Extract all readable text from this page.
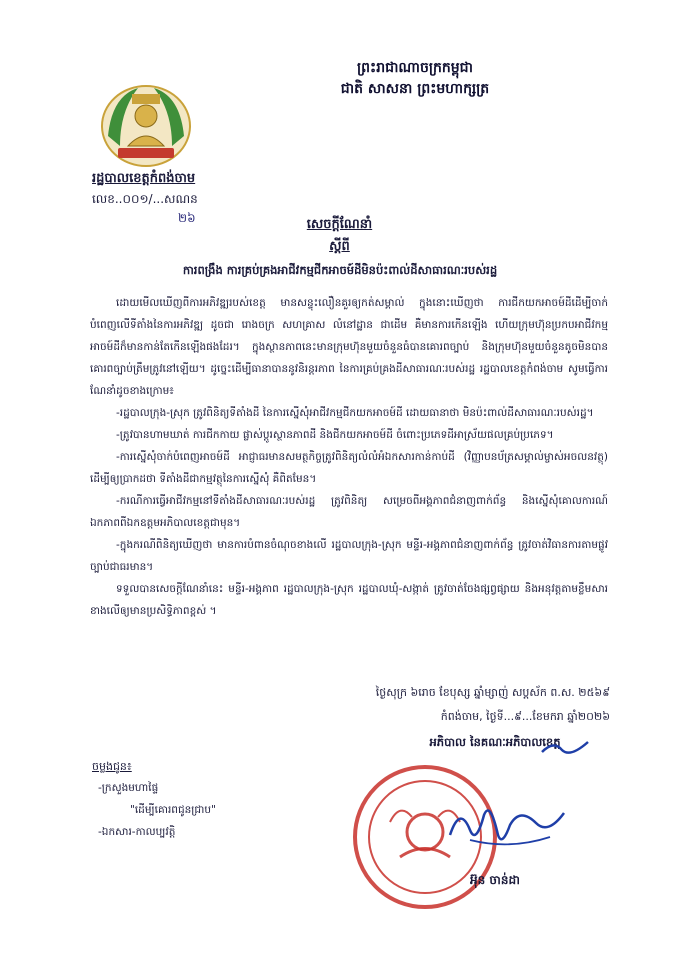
ព្រះរាជាណាចក្រកម្ពុជា
ជាតិ សាសនា ព្រះមហាក្សត្រ
រដ្ឋបាលខេត្តកំពង់ចាម
លេខ..០០១/...សណន
២៦	សេចក្តីណែនាំ
ស្តីពី
ការពង្រឹង ការគ្រប់គ្រងអាជីវកម្មជីកអាចម៍ដីមិនប៉ះពាល់ដីសាធារណៈរបស់រដ្ឋ

ដោយមើលឃើញពីការអភិវឌ្ឍរបស់ខេត្ត មានសន្ទុះលឿនគួរឲ្យកត់សម្គាល់ ក្នុងនោះឃើញថា ការជីកយកអាចម៍ដីដើម្បីចាក់បំពេញលើទីតាំងនៃការអភិវឌ្ឍ ដូចជា រោងចក្រ សហគ្រាស លំនៅដ្ឋាន ជាដើម គឺមានការកើនឡើង ហើយក្រុមហ៊ុនប្រកបអាជីវកម្មអាចម៍ដីក៏មានកាន់តែកើនឡើងផងដែរ។ ក្នុងស្ថានភាពនេះមានក្រុមហ៊ុនមួយចំនួនធំបានគោរពច្បាប់ និងក្រុមហ៊ុនមួយចំនួនតូចមិនបានគោរពច្បាប់ត្រឹមត្រូវនៅឡើយ។ ដូច្នេះដើម្បីធានាបាននូវនិរន្តរភាព នៃការគ្រប់គ្រងដីសាធារណៈរបស់រដ្ឋ រដ្ឋបាលខេត្តកំពង់ចាម សូមធ្វើការណែនាំដូចខាងក្រោម៖

-រដ្ឋបាលក្រុង-ស្រុក ត្រូវពិនិត្យទីតាំងដី នៃការស្នើសុំអាជីវកម្មជីកយកអាចម៍ដី ដោយធានាថា មិនប៉ះពាល់ដីសាធារណៈរបស់រដ្ឋ។

-ត្រូវបានហាមឃាត់ ការជីកកាយ ផ្លាស់ប្តូរស្ថានភាពដី និងជីកយកអាចម៍ដី ចំពោះប្រភេទដីអាស្រ័យផលគ្រប់ប្រភេទ។

-ការស្នើសុំចាក់បំពេញអាចម៍ដី អាជ្ញាធរមានសមត្ថកិច្ចត្រូវពិនិត្យលំលំអំឯកសារកាន់កាប់ដី (វិញ្ញាបនប័ត្រសម្គាល់ម្ចាស់អចលនវត្ថុ) ដើម្បីឲ្យប្រាកដថា ទីតាំងដីជាកម្មវត្ថុនៃការស្នើសុំ គឺពិតមែន។

-ករណីការធ្វើអាជីវកម្មនៅទីតាំងដីសាធារណៈរបស់រដ្ឋ ត្រូវពិនិត្យ សម្រេចពីអង្គភាពជំនាញពាក់ព័ន្ធ និងស្នើសុំគោលការណ៍ឯកភាពពីឯកឧត្តមអភិបាលខេត្តជាមុន។

-ក្នុងករណីពិនិត្យឃើញថា មានការបំពានចំណុចខាងលើ រដ្ឋបាលក្រុង-ស្រុក មន្ទីរ-អង្គភាពជំនាញពាក់ព័ន្ធ ត្រូវចាត់វិធានការតាមផ្លូវច្បាប់ជាធរមាន។

ទទួលបានសេចក្តីណែនាំនេះ មន្ទីរ-អង្គភាព រដ្ឋបាលក្រុង-ស្រុក រដ្ឋបាលឃុំ-សង្កាត់ ត្រូវចាត់ចែងផ្សព្វផ្សាយ និងអនុវត្តតាមខ្លឹមសារខាងលើឲ្យមានប្រសិទ្ធិភាពខ្ពស់ ។

ថ្ងៃសុក្រ ៦រោច ខែបុស្ស ឆ្នាំម្សាញ់ សប្តស័ក ព.ស. ២៥៦៩
កំពង់ចាម, ថ្ងៃទី...៩...ខែមករា ឆ្នាំ២០២៦
អភិបាល នៃគណៈអភិបាលខេត្ត
ចម្លងជូន៖
-ក្រសួងមហាផ្ទៃ
"ដើម្បីគោរពជូនជ្រាប"
-ឯកសារ-កាលប្បវត្តិ
អ៊ុន ចាន់ដា
